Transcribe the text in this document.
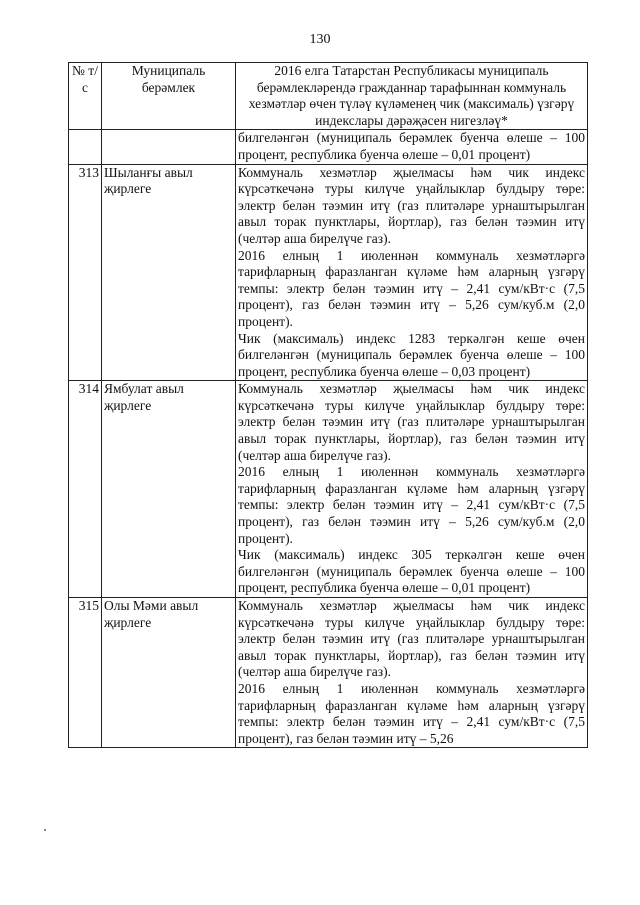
130
№ т/с	Муниципаль берәмлек	2016 елга Татарстан Республикасы муниципаль берәмлекләрендә гражданнар тарафыннан коммуналь хезмәтләр өчен түләү күләменең чик (максималь) үзгәрү индекслары дәрәҗәсен нигезләү*
		билгеләнгән (муниципаль берәмлек буенча өлеше – 100 процент, республика буенча өлеше – 0,01 процент)
313	Шыланғы авыл җирлеге	Коммуналь хезмәтләр җыелмасы һәм чик индекс күрсәткечәнә туры килүче уңайлыклар булдыру төре: электр белән тәэмин итү (газ плитәләре урнаштырылган авыл торак пунктлары, йортлар), газ белән тәэмин итү (челтәр аша бирелүче газ).

2016 елның 1 июленнән коммуналь хезмәтләргә тарифларның фаразланган күләме һәм аларның үзгәрү темпы: электр белән тәэмин итү – 2,41 сум/кВт·с (7,5 процент), газ белән тәэмин итү – 5,26 сум/куб.м (2,0 процент).

Чик (максималь) индекс 1283 теркәлгән кеше өчен билгеләнгән (муниципаль берәмлек буенча өлеше – 100 процент, республика буенча өлеше – 0,03 процент)

314	Ямбулат авыл җирлеге	Коммуналь хезмәтләр җыелмасы һәм чик индекс күрсәткечәнә туры килүче уңайлыклар булдыру төре: электр белән тәэмин итү (газ плитәләре урнаштырылган авыл торак пунктлары, йортлар), газ белән тәэмин итү (челтәр аша бирелүче газ).

2016 елның 1 июленнән коммуналь хезмәтләргә тарифларның фаразланган күләме һәм аларның үзгәрү темпы: электр белән тәэмин итү – 2,41 сум/кВт·с (7,5 процент), газ белән тәэмин итү – 5,26 сум/куб.м (2,0 процент).

Чик (максималь) индекс 305 теркәлгән кеше өчен билгеләнгән (муниципаль берәмлек буенча өлеше – 100 процент, республика буенча өлеше – 0,01 процент)

315	Олы Мәми авыл җирлеге	Коммуналь хезмәтләр җыелмасы һәм чик индекс күрсәткечәнә туры килүче уңайлыклар булдыру төре: электр белән тәэмин итү (газ плитәләре урнаштырылган авыл торак пунктлары, йортлар), газ белән тәэмин итү (челтәр аша бирелүче газ).

2016 елның 1 июленнән коммуналь хезмәтләргә тарифларның фаразланган күләме һәм аларның үзгәрү темпы: электр белән тәэмин итү – 2,41 сум/кВт·с (7,5 процент), газ белән тәэмин итү – 5,26
